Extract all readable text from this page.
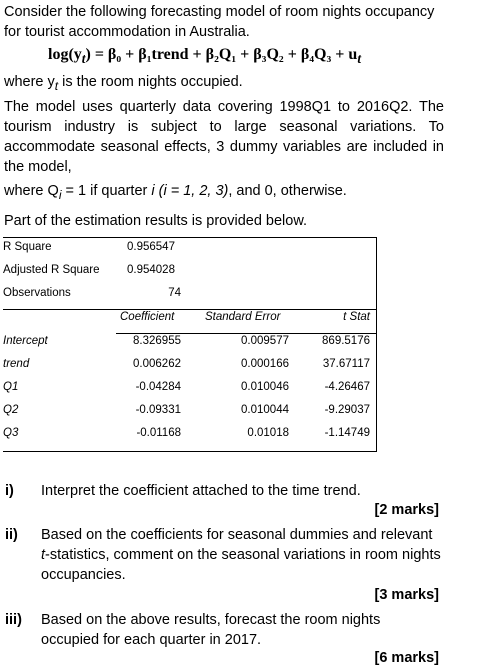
Consider the following forecasting model of room nights occupancy for tourist accommodation in Australia.
$\log(y_t) = \beta_0$ + β₁trend + $\beta_2Q_1 + \beta_3Q_2 + \beta_4Q_3 + u_t$
where $y_t$ is the room nights occupied.
The model uses quarterly data covering 1998Q1 to 2016Q2. The tourism industry is subject to large seasonal variations. To accommodate seasonal effects, 3 dummy variables are included in the model,
where $Q_i = 1$ if quarter i (i = 1, 2, 3), and 0, otherwise.
Part of the estimation results is provided below.
R Square	0.956547
Adjusted R Square 0.954028
Observations	74
Coefficient	Standard Error	t Stat
Intercept	8.326955	0.009577	869.5176
trend	0.006262	0.000166	37.67117
Q1	-0.04284	0.010046	-4.26467
Q2	-0.09331	0.010044	-9.29037
Q3	-0.01168	0.01018	-1.14749
i) Interpret the coefficient attached to the time trend.
[2 marks]
ii) Based on the coefficients for seasonal dummies and relevant t-statistics, comment on the seasonal variations in room nights occupancies.
[3 marks]
iii) Based on the above results, forecast the room nights occupied for each quarter in 2017.
[6 marks]
